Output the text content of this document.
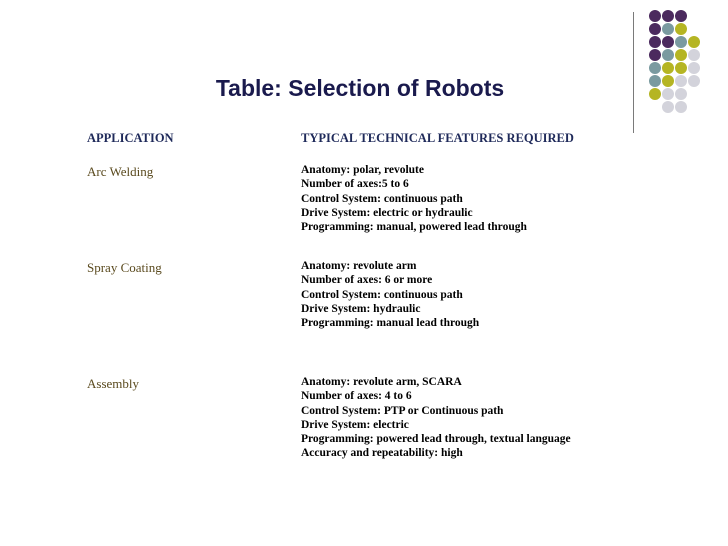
Table: Selection of Robots
APPLICATION	TYPICAL TECHNICAL FEATURES REQUIRED
Arc Welding	Anatomy: polar, revolute
Number of axes:5 to 6
Control System: continuous path
Drive System: electric or hydraulic
Programming: manual, powered lead through
Spray Coating	Anatomy: revolute arm
Number of axes: 6 or more
Control System: continuous path
Drive System: hydraulic
Programming: manual lead through
Assembly	Anatomy: revolute arm, SCARA
Number of axes: 4 to 6
Control System: PTP or Continuous path
Drive System: electric
Programming: powered lead through, textual language
Accuracy and repeatability: high
